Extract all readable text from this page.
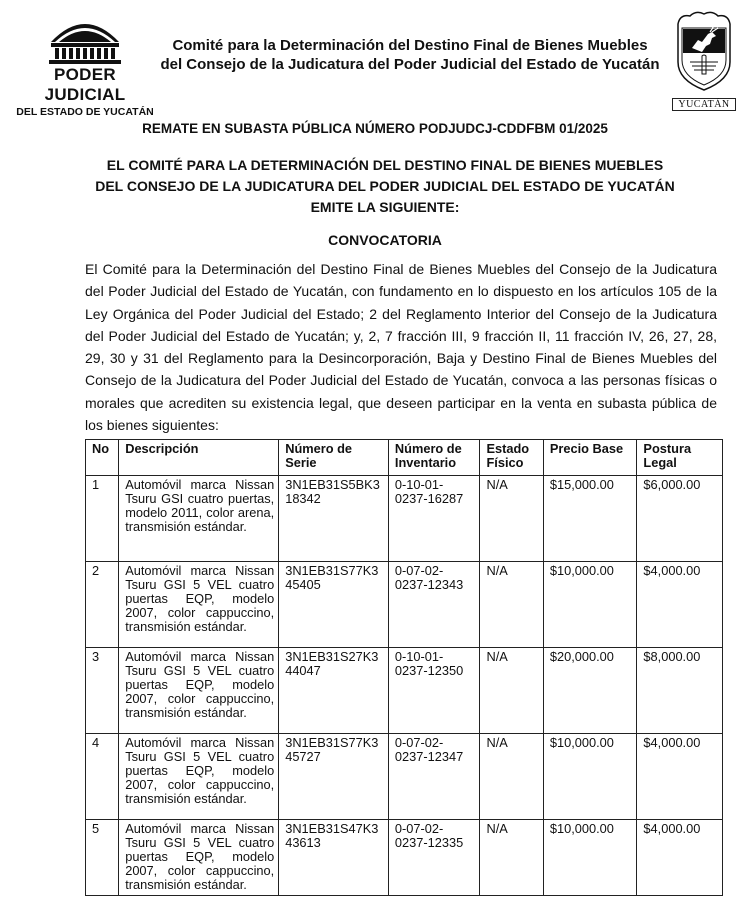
PODER JUDICIAL
DEL ESTADO DE YUCATÁN
Comité para la Determinación del Destino Final de Bienes Muebles del Consejo de la Judicatura del Poder Judicial del Estado de Yucatán
YUCATÁN
REMATE EN SUBASTA PÚBLICA NÚMERO PODJUDCJ-CDDFBM 01/2025
EL COMITÉ PARA LA DETERMINACIÓN DEL DESTINO FINAL DE BIENES MUEBLES DEL CONSEJO DE LA JUDICATURA DEL PODER JUDICIAL DEL ESTADO DE YUCATÁN EMITE LA SIGUIENTE:
CONVOCATORIA
El Comité para la Determinación del Destino Final de Bienes Muebles del Consejo de la Judicatura del Poder Judicial del Estado de Yucatán, con fundamento en lo dispuesto en los artículos 105 de la Ley Orgánica del Poder Judicial del Estado; 2 del Reglamento Interior del Consejo de la Judicatura del Poder Judicial del Estado de Yucatán; y, 2, 7 fracción III, 9 fracción II, 11 fracción IV, 26, 27, 28, 29, 30 y 31 del Reglamento para la Desincorporación, Baja y Destino Final de Bienes Muebles del Consejo de la Judicatura del Poder Judicial del Estado de Yucatán, convoca a las personas físicas o morales que acrediten su existencia legal, que deseen participar en la venta en subasta pública de los bienes siguientes:
No	Descripción	Número de Serie	Número de Inventario	Estado Físico	Precio Base	Postura Legal
1	Automóvil marca Nissan Tsuru GSI cuatro puertas, modelo 2011, color arena, transmisión estándar.	3N1EB31S5BK318342	0-10-01-0237-16287	N/A	$15,000.00	$6,000.00
2	Automóvil marca Nissan Tsuru GSI 5 VEL cuatro puertas EQP, modelo 2007, color cappuccino, transmisión estándar.	3N1EB31S77K345405	0-07-02-0237-12343	N/A	$10,000.00	$4,000.00
3	Automóvil marca Nissan Tsuru GSI 5 VEL cuatro puertas EQP, modelo 2007, color cappuccino, transmisión estándar.	3N1EB31S27K344047	0-10-01-0237-12350	N/A	$20,000.00	$8,000.00
4	Automóvil marca Nissan Tsuru GSI 5 VEL cuatro puertas EQP, modelo 2007, color cappuccino, transmisión estándar.	3N1EB31S77K345727	0-07-02-0237-12347	N/A	$10,000.00	$4,000.00
5	Automóvil marca Nissan Tsuru GSI 5 VEL cuatro puertas EQP, modelo 2007, color cappuccino, transmisión estándar.	3N1EB31S47K343613	0-07-02-0237-12335	N/A	$10,000.00	$4,000.00
